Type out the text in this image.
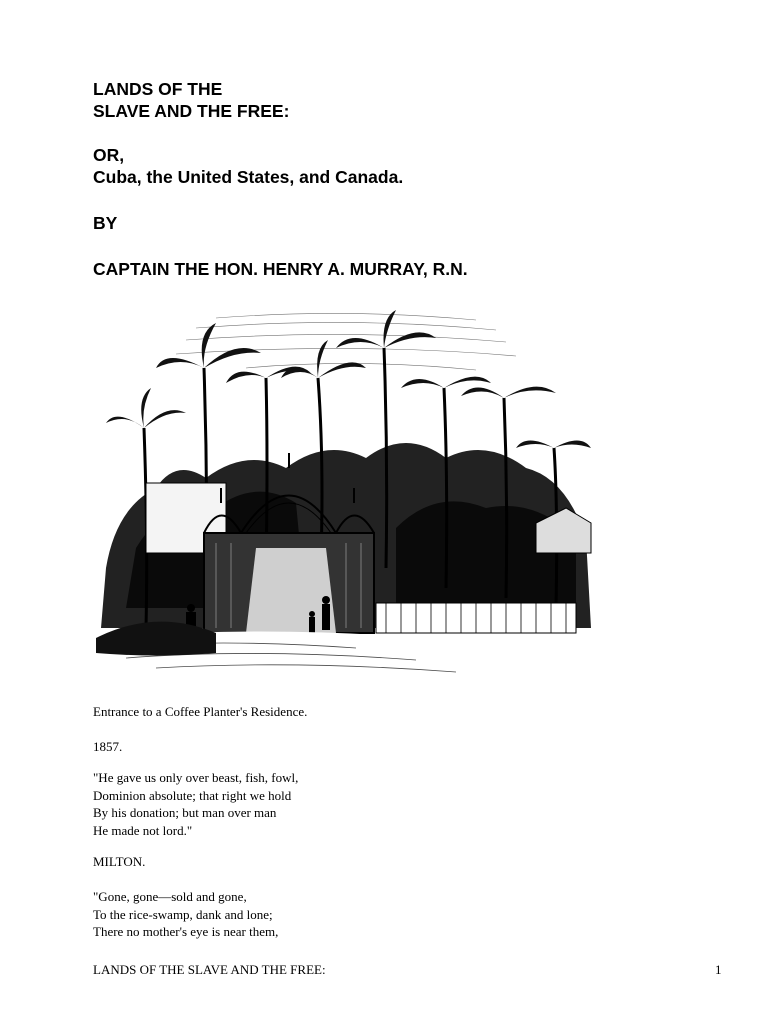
LANDS OF THE

SLAVE AND THE FREE:

OR,

Cuba, the United States, and Canada.

BY

CAPTAIN THE HON. HENRY A. MURRAY, R.N.

Entrance to a Coffee Planter's Residence.
1857.
"He gave us only over beast, fish, fowl,
Dominion absolute; that right we hold
By his donation; but man over man
He made not lord."
MILTON.
"Gone, gone—sold and gone,
To the rice-swamp, dank and lone;
There no mother's eye is near them,
LANDS OF THE SLAVE AND THE FREE:	1
